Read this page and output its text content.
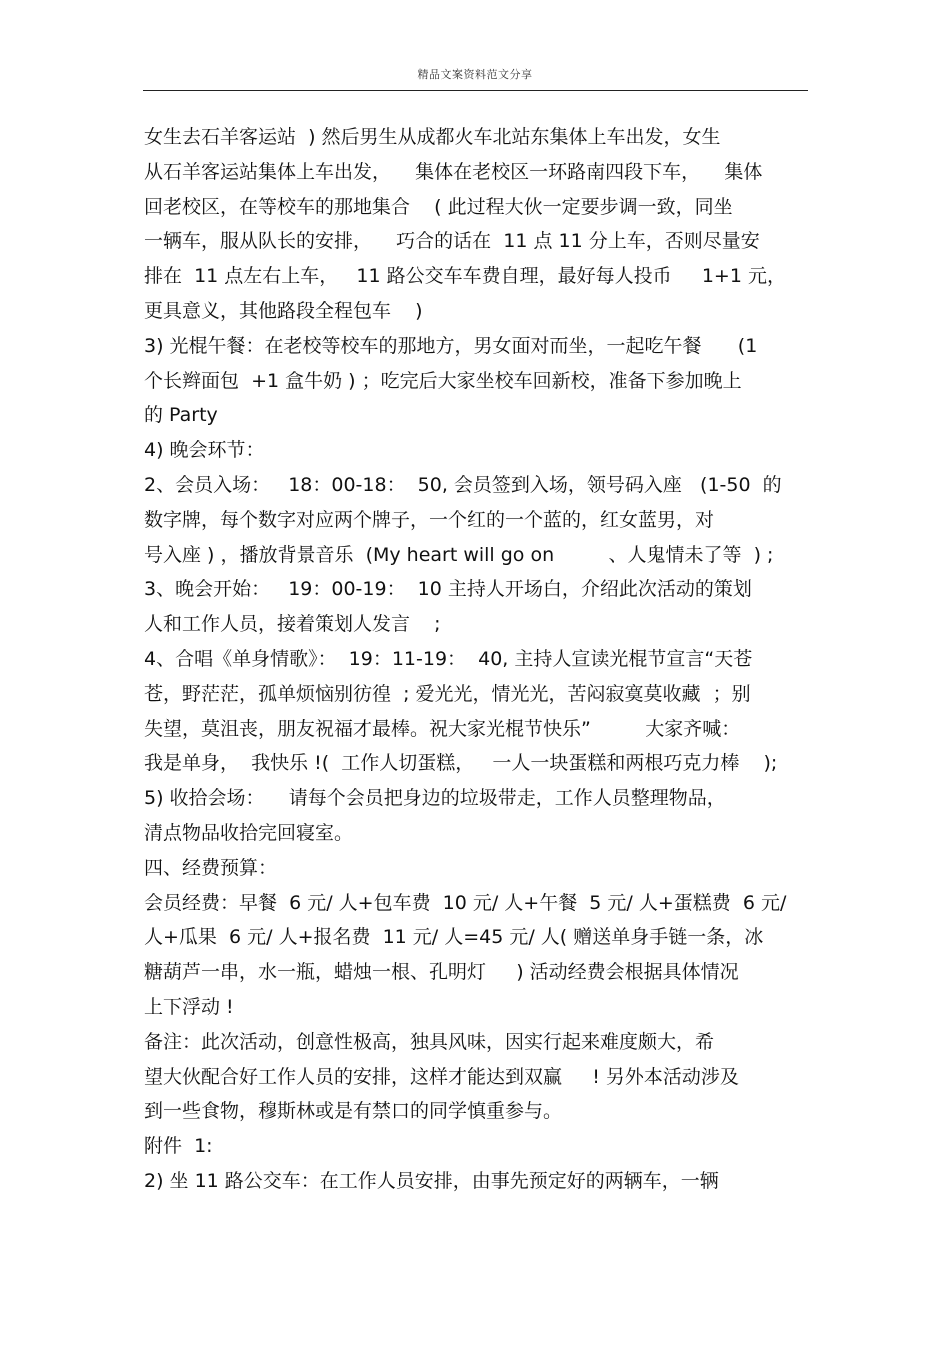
精品文案资料范文分享
女生去石羊客运站  ) 然后男生从成都火车北站东集体上车出发，女生
从石羊客运站集体上车出发，    集体在老校区一环路南四段下车，    集体
回老校区，在等校车的那地集合    ( 此过程大伙一定要步调一致，同坐
一辆车，服从队长的安排，    巧合的话在  11 点 11 分上车，否则尽量安
排在  11 点左右上车，   11 路公交车车费自理，最好每人投币     1+1 元，
更具意义，其他路段全程包车    )
3) 光棍午餐：在老校等校车的那地方，男女面对而坐，一起吃午餐      (1
个长辫面包  +1 盒牛奶 ) ；吃完后大家坐校车回新校，准备下参加晚上
的 Party
4) 晚会环节：
2、会员入场：   18：00-18：  50, 会员签到入场，领号码入座   (1-50  的
数字牌，每个数字对应两个牌子，一个红的一个蓝的，红女蓝男，对
号入座 ) ，播放背景音乐  (My heart will go on         、人鬼情未了等  ) ;
3、晚会开始：   19：00-19：  10 主持人开场白，介绍此次活动的策划
人和工作人员，接着策划人发言    ;
4、合唱《单身情歌》：  19：11-19：  40, 主持人宣读光棍节宣言“天苍
苍，野茫茫，孤单烦恼别彷徨  ; 爱光光，情光光，苦闷寂寞莫收藏  ；别
失望，莫沮丧，朋友祝福才最棒。祝大家光棍节快乐”         大家齐喊：
我是单身，  我快乐 !(  工作人切蛋糕，   一人一块蛋糕和两根巧克力棒    );
5) 收拾会场：    请每个会员把身边的垃圾带走，工作人员整理物品，
清点物品收拾完回寝室。
四、经费预算：
会员经费：早餐  6 元/ 人+包车费  10 元/ 人+午餐  5 元/ 人+蛋糕费  6 元/
人+瓜果  6 元/ 人+报名费  11 元/ 人=45 元/ 人( 赠送单身手链一条，冰
糖葫芦一串，水一瓶，蜡烛一根、孔明灯     ) 活动经费会根据具体情况
上下浮动 !
备注：此次活动，创意性极高，独具风味，因实行起来难度颇大，希
望大伙配合好工作人员的安排，这样才能达到双赢     ! 另外本活动涉及
到一些食物，穆斯林或是有禁口的同学慎重参与。
附件  1:
2) 坐 11 路公交车：在工作人员安排，由事先预定好的两辆车，一辆
